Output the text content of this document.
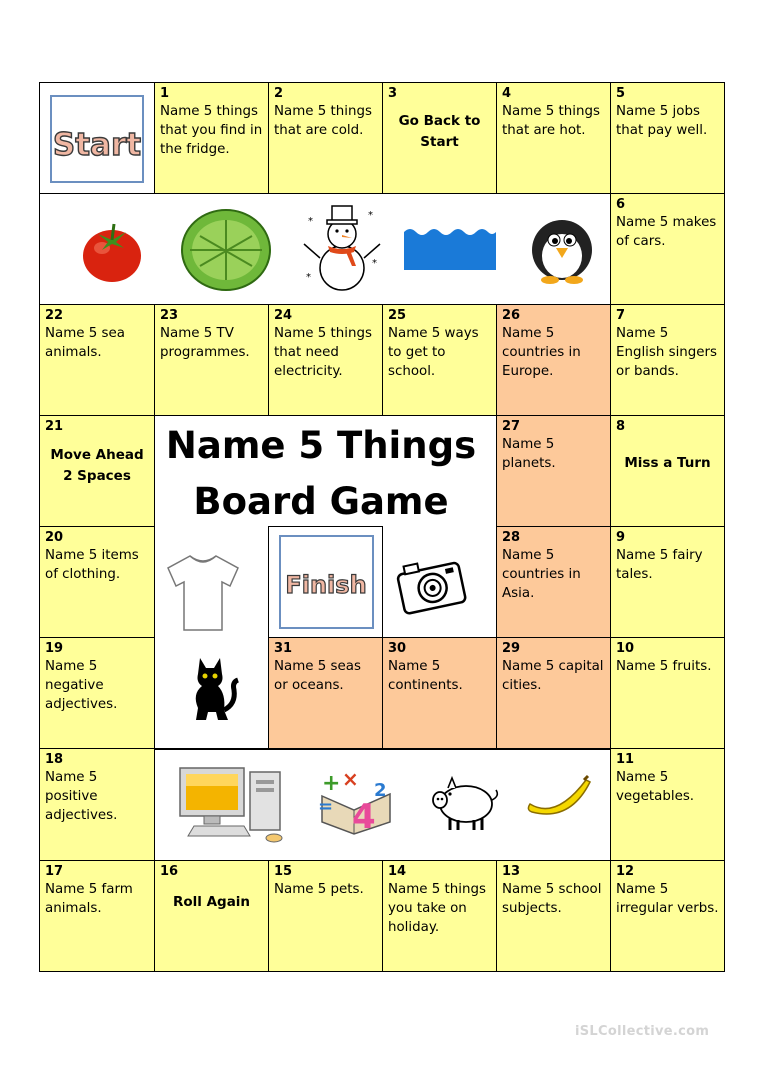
Start
1
Name 5 things that you find in the fridge.
2
Name 5 things that are cold.
3
Go Back to Start
4
Name 5 things that are hot.
5
Name 5 jobs that pay well.
6
Name 5 makes of cars.
7
Name 5 English singers or bands.
8
Miss a Turn
9
Name 5 fairy tales.
10
Name 5 fruits.
11
Name 5 vegetables.
12
Name 5 irregular verbs.
13
Name 5 school subjects.
14
Name 5 things you take on holiday.
15
Name 5 pets.
16
Roll Again
17
Name 5 farm animals.
18
Name 5 positive adjectives.
19
Name 5 negative adjectives.
20
Name 5 items of clothing.
21
Move Ahead 2 Spaces
22
Name 5 sea animals.
23
Name 5 TV programmes.
24
Name 5 things that need electricity.
25
Name 5 ways to get to school.
26
Name 5 countries in Europe.
27
Name 5 planets.
28
Name 5 countries in Asia.
29
Name 5 capital cities.
30
Name 5 continents.
31
Name 5 seas or oceans.
Finish
Name 5 Things
Board Game
*
*
*
*
+ ×
4
2
=
iSLCollective.com
